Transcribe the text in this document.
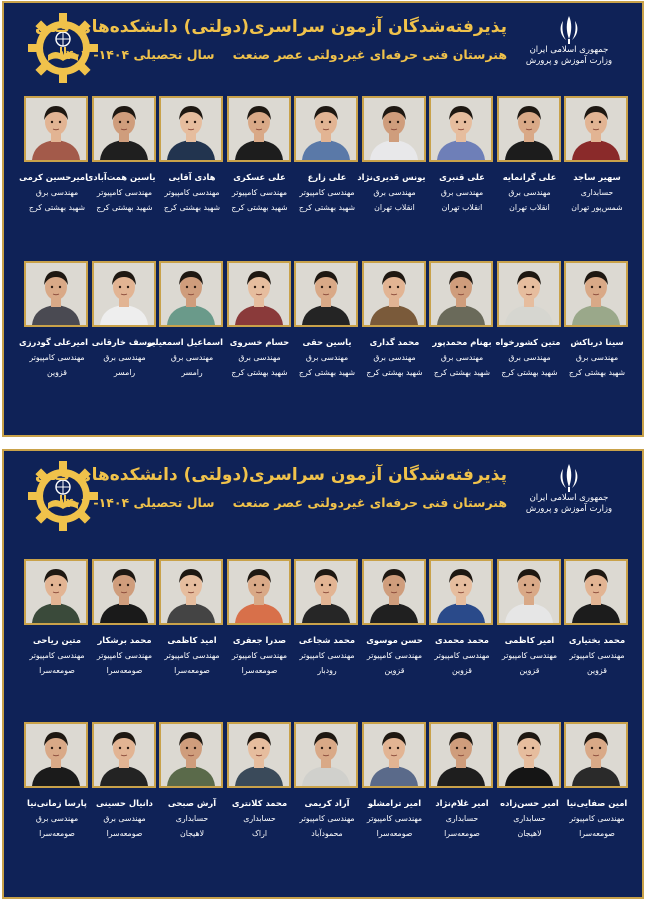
پذیرفته‌شدگان آزمون سراسری(دولتی) دانشکده‌های فنی
هنرستان فنی حرفه‌ای غیردولتی عصر صنعتسال تحصیلی ۱۴۰۴- ۱۴۰۳	جمهوری اسلامی ایران
وزارت آموزش و پرورش
سهیر ساجد
حسابداری
شمس‌پور تهران
علی گرانمایه
مهندسی برق
انقلاب تهران
علی قنبری
مهندسی برق
انقلاب تهران
یونس قدیری‌نژاد
مهندسی برق
انقلاب تهران
علی زارع
مهندسی کامپیوتر
شهید بهشتی کرج
علی عسکری
مهندسی کامپیوتر
شهید بهشتی کرج
هادی آقایی
مهندسی کامپیوتر
شهید بهشتی کرج
یاسین همت‌آبادی
مهندسی کامپیوتر
شهید بهشتی کرج
امیرحسین کرمی
مهندسی برق
شهید بهشتی کرج
سینا درباکش
مهندسی برق
شهید بهشتی کرج
متین کشورخواه
مهندسی برق
شهید بهشتی کرج
بهنام محمدپور
مهندسی برق
شهید بهشتی کرج
محمد گداری
مهندسی برق
شهید بهشتی کرج
یاسین حقی
مهندسی برق
شهید بهشتی کرج
حسام خسروی
مهندسی برق
شهید بهشتی کرج
اسماعیل اسمعیلی
مهندسی برق
رامسر
یوسف خارقانی
مهندسی برق
رامسر
امیرعلی گودرزی
مهندسی کامپیوتر
قزوین
پذیرفته‌شدگان آزمون سراسری(دولتی) دانشکده‌های فنی
هنرستان فنی حرفه‌ای غیردولتی عصر صنعتسال تحصیلی ۱۴۰۴- ۱۴۰۳	جمهوری اسلامی ایران
وزارت آموزش و پرورش
محمد بختیاری
مهندسی کامپیوتر
قزوین
امیر کاظمی
مهندسی کامپیوتر
قزوین
محمد محمدی
مهندسی کامپیوتر
قزوین
حسن موسوی
مهندسی کامپیوتر
قزوین
محمد شجاعی
مهندسی کامپیوتر
رودبار
صدرا جعفری
مهندسی کامپیوتر
صومعه‌سرا
امید کاظمی
مهندسی کامپیوتر
صومعه‌سرا
محمد برشکار
مهندسی کامپیوتر
صومعه‌سرا
متین ریاحی
مهندسی کامپیوتر
صومعه‌سرا
امین صفایی‌نیا
مهندسی کامپیوتر
صومعه‌سرا
امیر حسن‌زاده
حسابداری
لاهیجان
امیر غلام‌نژاد
حسابداری
صومعه‌سرا
امیر ترامشلو
مهندسی کامپیوتر
صومعه‌سرا
آراد کریمی
مهندسی کامپیوتر
محمودآباد
محمد کلانتری
حسابداری
اراک
آرش صبحی
حسابداری
لاهیجان
دانیال حسینی
مهندسی برق
صومعه‌سرا
پارسا زمانی‌نیا
مهندسی برق
صومعه‌سرا
